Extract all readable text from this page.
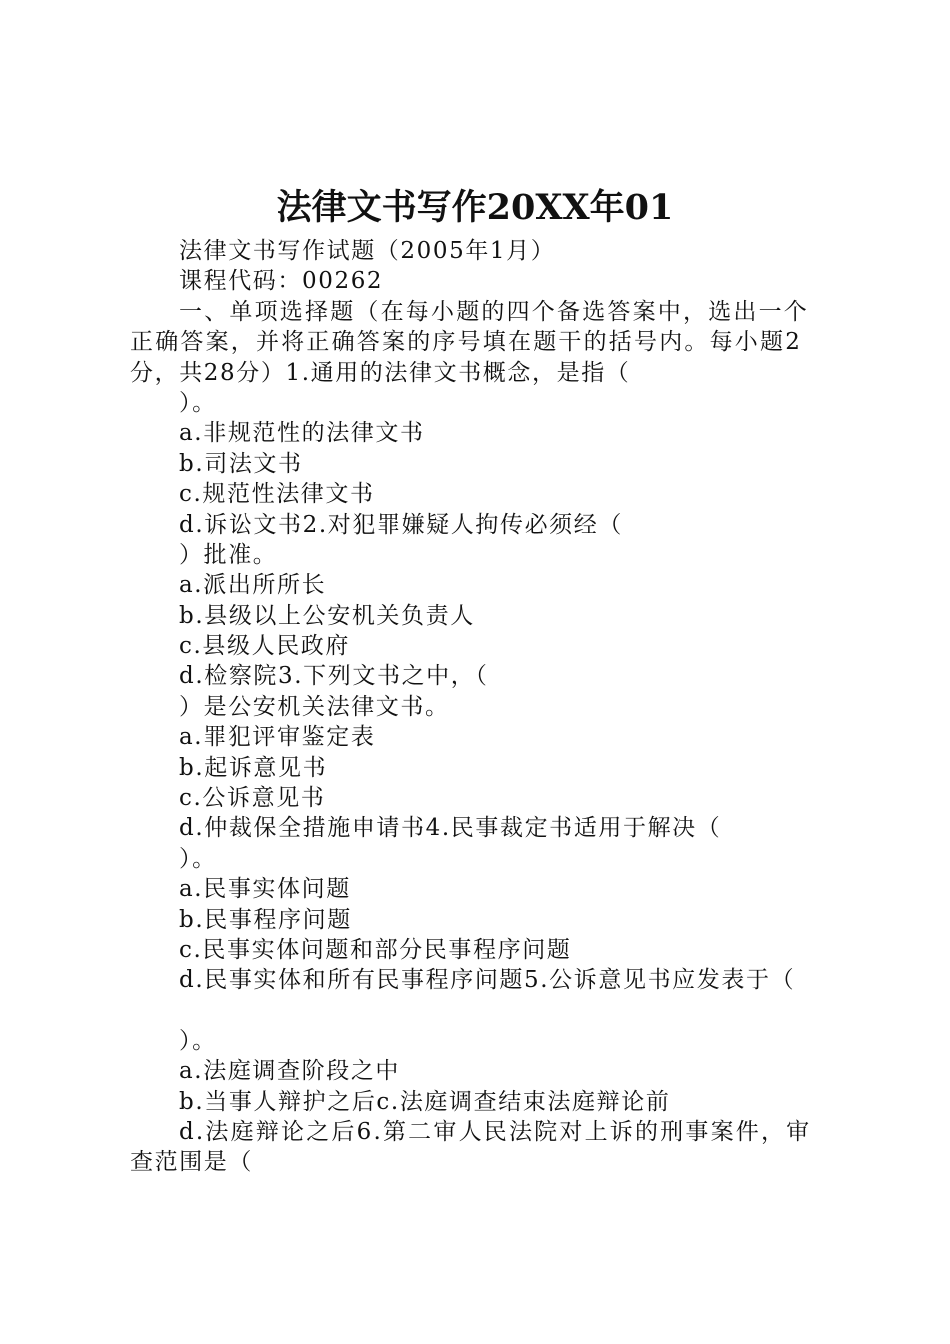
法律文书写作20XX年01
法律文书写作试题（2005年1月）
课程代码：00262
一、单项选择题（在每小题的四个备选答案中，选出一个
正确答案，并将正确答案的序号填在题干的括号内。每小题2
分，共28分）1.通用的法律文书概念，是指（
）。
a.非规范性的法律文书
b.司法文书
c.规范性法律文书
d.诉讼文书2.对犯罪嫌疑人拘传必须经（
）批准。
a.派出所所长
b.县级以上公安机关负责人
c.县级人民政府
d.检察院3.下列文书之中，（
）是公安机关法律文书。
a.罪犯评审鉴定表
b.起诉意见书
c.公诉意见书
d.仲裁保全措施申请书4.民事裁定书适用于解决（
）。
a.民事实体问题
b.民事程序问题
c.民事实体问题和部分民事程序问题
d.民事实体和所有民事程序问题5.公诉意见书应发表于（
）。
a.法庭调查阶段之中
b.当事人辩护之后c.法庭调查结束法庭辩论前
d.法庭辩论之后6.第二审人民法院对上诉的刑事案件，审
查范围是（
